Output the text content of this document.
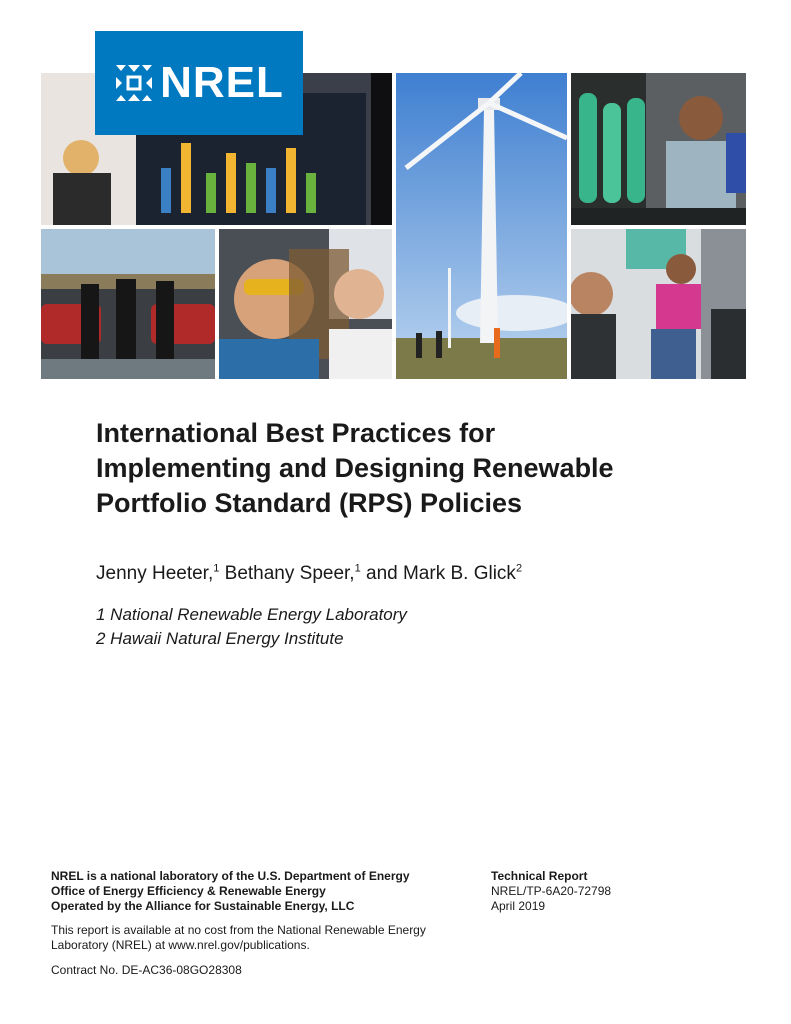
NREL
International Best Practices for Implementing and Designing Renewable Portfolio Standard (RPS) Policies
Jenny Heeter,$^1$ Bethany Speer,$^1$ and Mark B. Glick$^2$
1 National Renewable Energy Laboratory
2 Hawaii Natural Energy Institute
NREL is a national laboratory of the U.S. Department of Energy
Office of Energy Efficiency & Renewable Energy
Operated by the Alliance for Sustainable Energy, LLC
This report is available at no cost from the National Renewable Energy Laboratory (NREL) at www.nrel.gov/publications.
Contract No. DE-AC36-08GO28308
Technical Report
NREL/TP-6A20-72798
April 2019
